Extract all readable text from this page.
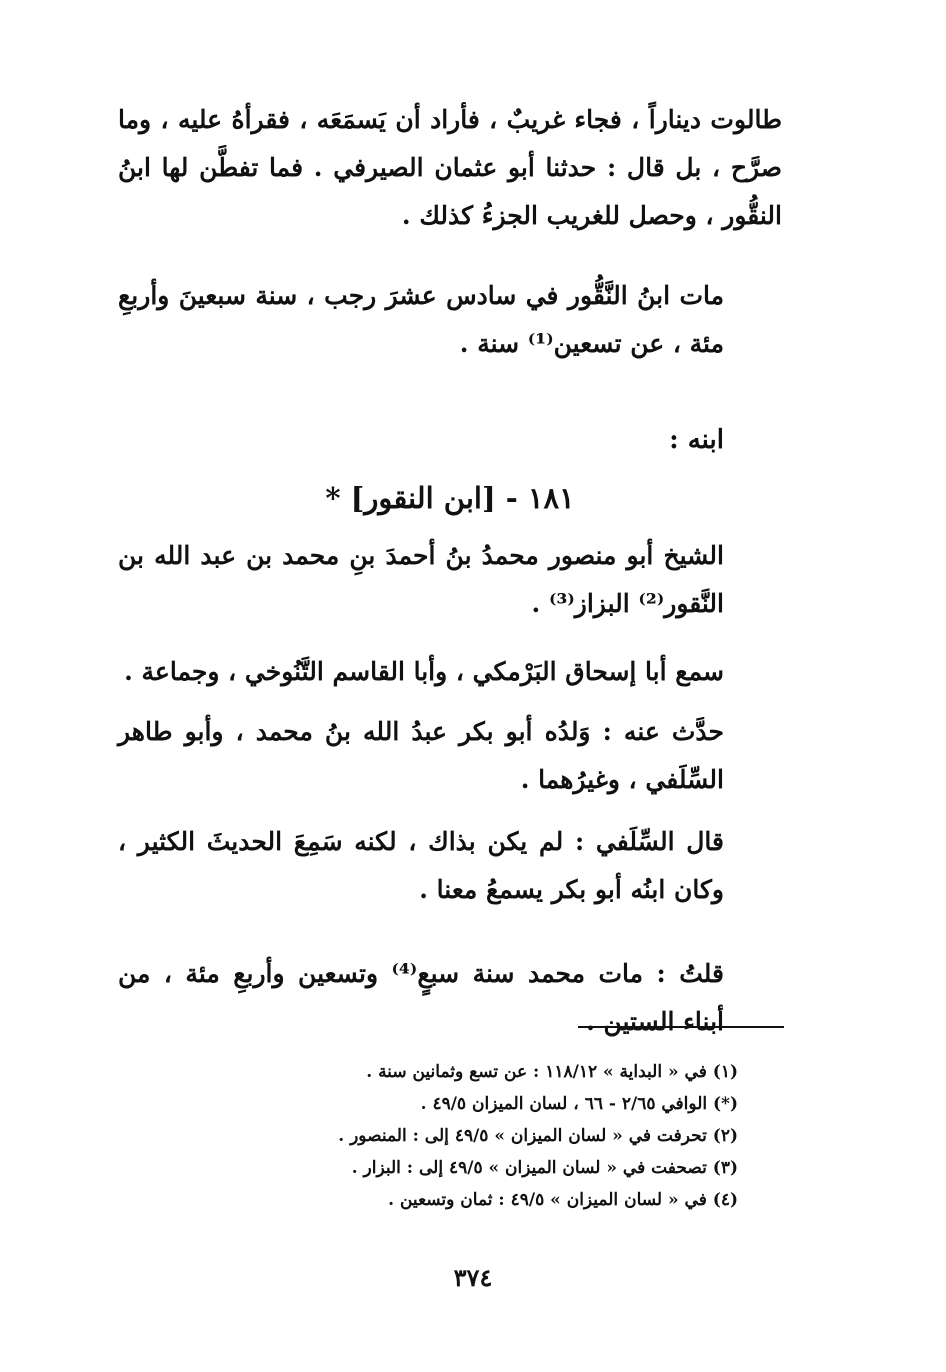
طالوت ديناراً ، فجاء غريبٌ ، فأراد أن يَسمَعَه ، فقرأهُ عليه ، وما صرَّح ، بل قال : حدثنا أبو عثمان الصيرفي . فما تفطَّن لها ابنُ النقُّور ، وحصل للغريب الجزءُ كذلك .

مات ابنُ النَّقُّور في سادس عشرَ رجب ، سنة سبعينَ وأربعِ مئة ، عن تسعين⁽¹⁾ سنة .

ابنه :

١٨١ - [ابن النقور] *

الشيخ أبو منصور محمدُ بنُ أحمدَ بنِ محمد بن عبد الله بن النَّقور⁽²⁾ البزاز⁽³⁾ .

سمع أبا إسحاق البَرْمكي ، وأبا القاسم التَّنُوخي ، وجماعة .

حدَّث عنه : وَلدُه أبو بكر عبدُ الله بنُ محمد ، وأبو طاهر السِّلَفي ، وغيرُهما .

قال السِّلَفي : لم يكن بذاك ، لكنه سَمِعَ الحديثَ الكثير ، وكان ابنُه أبو بكر يسمعُ معنا .

قلتُ : مات محمد سنة سبعٍ⁽⁴⁾ وتسعين وأربعِ مئة ، من أبناء الستين .

(١) في « البداية » ١١٨/١٢ : عن تسع وثمانين سنة .
(*) الوافي ٢/٦٥ - ٦٦ ، لسان الميزان ٤٩/٥ .
(٢) تحرفت في « لسان الميزان » ٤٩/٥ إلى : المنصور .
(٣) تصحفت في « لسان الميزان » ٤٩/٥ إلى : البزار .
(٤) في « لسان الميزان » ٤٩/٥ : ثمان وتسعين .
٣٧٤
